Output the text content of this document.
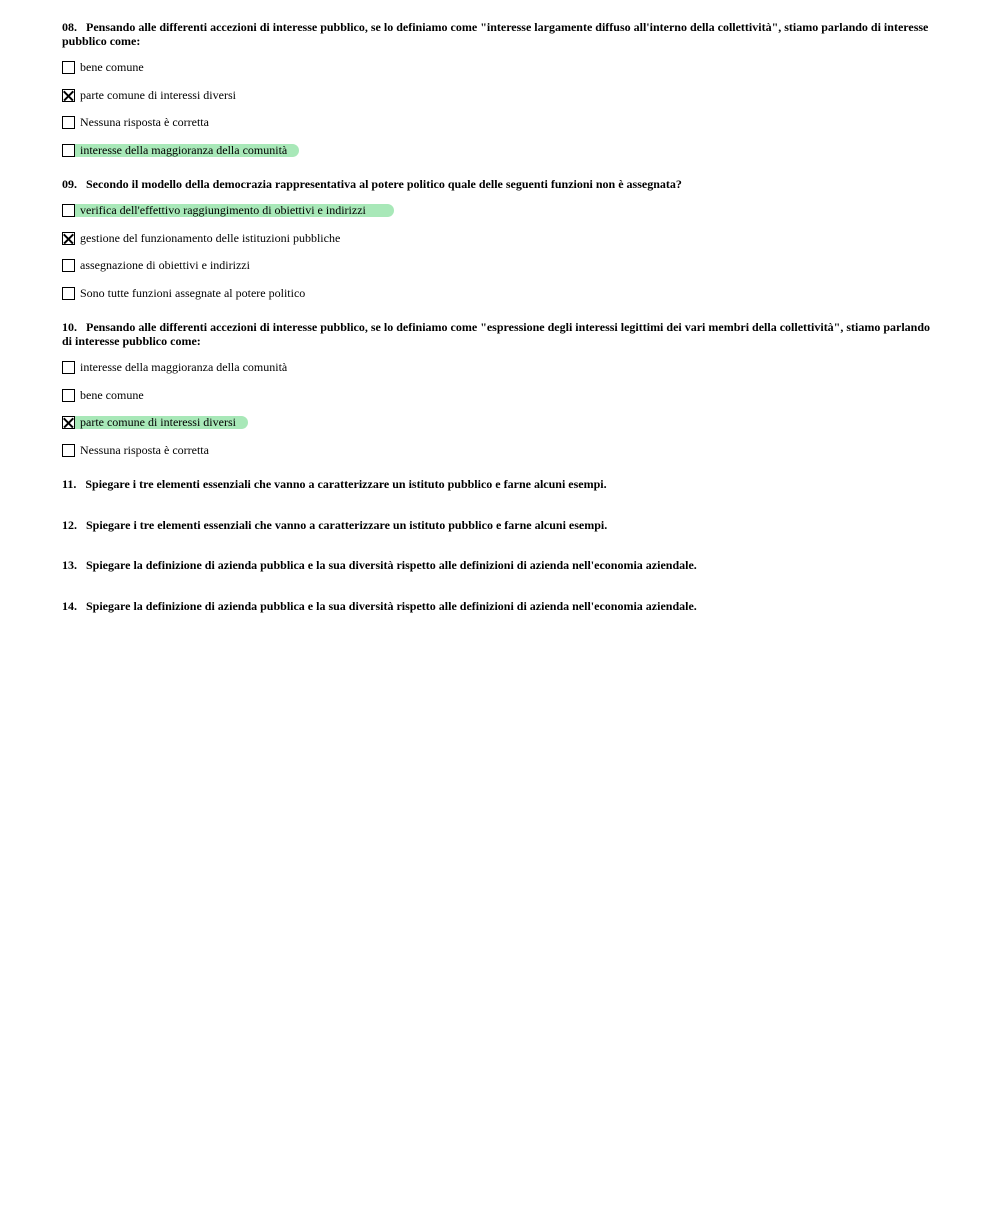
08. Pensando alle differenti accezioni di interesse pubblico, se lo definiamo come "interesse largamente diffuso all'interno della collettività", stiamo parlando di interesse pubblico come:

bene comune
parte comune di interessi diversi
Nessuna risposta è corretta
interesse della maggioranza della comunità

09. Secondo il modello della democrazia rappresentativa al potere politico quale delle seguenti funzioni non è assegnata?

verifica dell'effettivo raggiungimento di obiettivi e indirizzi
gestione del funzionamento delle istituzioni pubbliche
assegnazione di obiettivi e indirizzi
Sono tutte funzioni assegnate al potere politico

10. Pensando alle differenti accezioni di interesse pubblico, se lo definiamo come "espressione degli interessi legittimi dei vari membri della collettività", stiamo parlando di interesse pubblico come:

interesse della maggioranza della comunità
bene comune
parte comune di interessi diversi
Nessuna risposta è corretta

11. Spiegare i tre elementi essenziali che vanno a caratterizzare un istituto pubblico e farne alcuni esempi.

12. Spiegare i tre elementi essenziali che vanno a caratterizzare un istituto pubblico e farne alcuni esempi.

13. Spiegare la definizione di azienda pubblica e la sua diversità rispetto alle definizioni di azienda nell'economia aziendale.

14. Spiegare la definizione di azienda pubblica e la sua diversità rispetto alle definizioni di azienda nell'economia aziendale.
